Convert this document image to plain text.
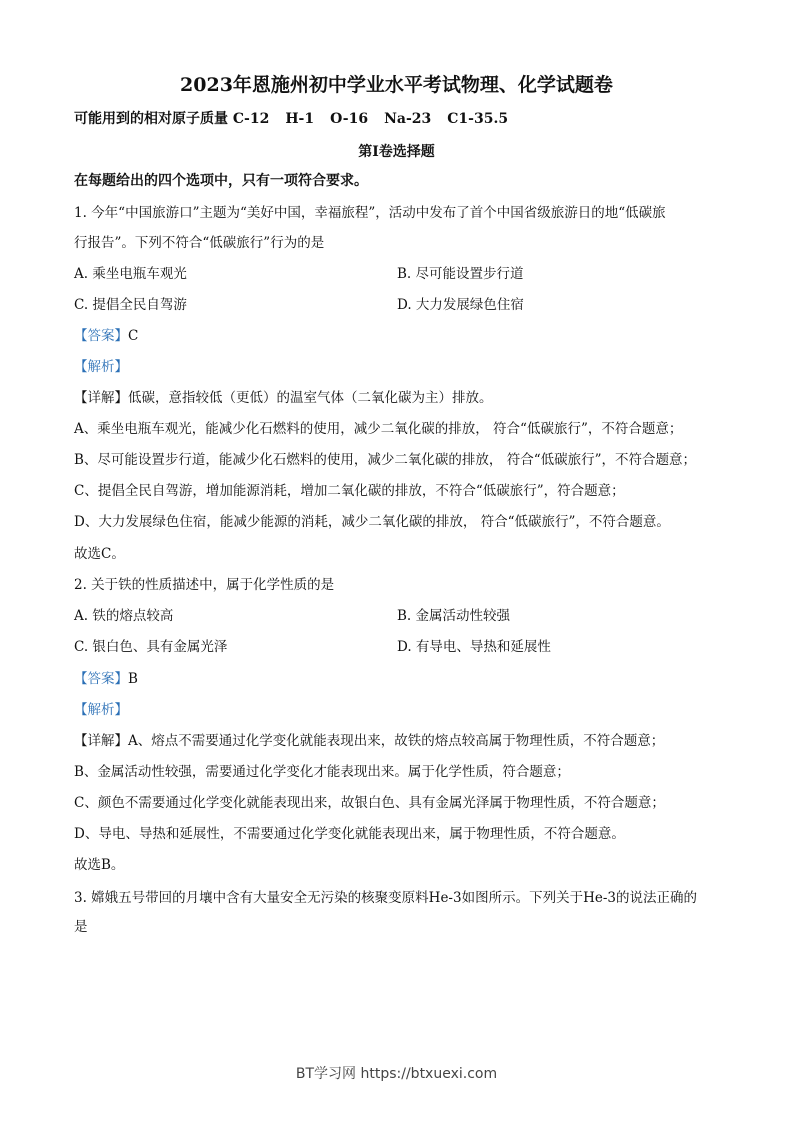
2023年恩施州初中学业水平考试物理、化学试题卷
可能用到的相对原子质量 C-12 H-1 O-16 Na-23 C1-35.5
第I卷选择题
在每题给出的四个选项中，只有一项符合要求。
1. 今年“中国旅游口”主题为“美好中国，幸福旅程”，活动中发布了首个中国省级旅游日的地“低碳旅
行报告”。下列不符合“低碳旅行”行为的是
A. 乘坐电瓶车观光	B. 尽可能设置步行道
C. 提倡全民自驾游	D. 大力发展绿色住宿
【答案】C
【解析】
【详解】低碳，意指较低（更低）的温室气体（二氧化碳为主）排放。
A、乘坐电瓶车观光，能减少化石燃料的使用，减少二氧化碳的排放， 符合“低碳旅行”，不符合题意；
B、尽可能设置步行道，能减少化石燃料的使用，减少二氧化碳的排放， 符合“低碳旅行”，不符合题意；
C、提倡全民自驾游，增加能源消耗，增加二氧化碳的排放，不符合“低碳旅行”，符合题意；
D、大力发展绿色住宿，能减少能源的消耗，减少二氧化碳的排放， 符合“低碳旅行”，不符合题意。
故选C。
2. 关于铁的性质描述中，属于化学性质的是
A. 铁的熔点较高	B. 金属活动性较强
C. 银白色、具有金属光泽	D. 有导电、导热和延展性
【答案】B
【解析】
【详解】A、熔点不需要通过化学变化就能表现出来，故铁的熔点较高属于物理性质，不符合题意；
B、金属活动性较强，需要通过化学变化才能表现出来。属于化学性质，符合题意；
C、颜色不需要通过化学变化就能表现出来，故银白色、具有金属光泽属于物理性质，不符合题意；
D、导电、导热和延展性，不需要通过化学变化就能表现出来，属于物理性质，不符合题意。
故选B。
3. 嫦娥五号带回的月壤中含有大量安全无污染的核聚变原料He-3如图所示。下列关于He-3的说法正确的
是
BT学习网 https://btxuexi.com
